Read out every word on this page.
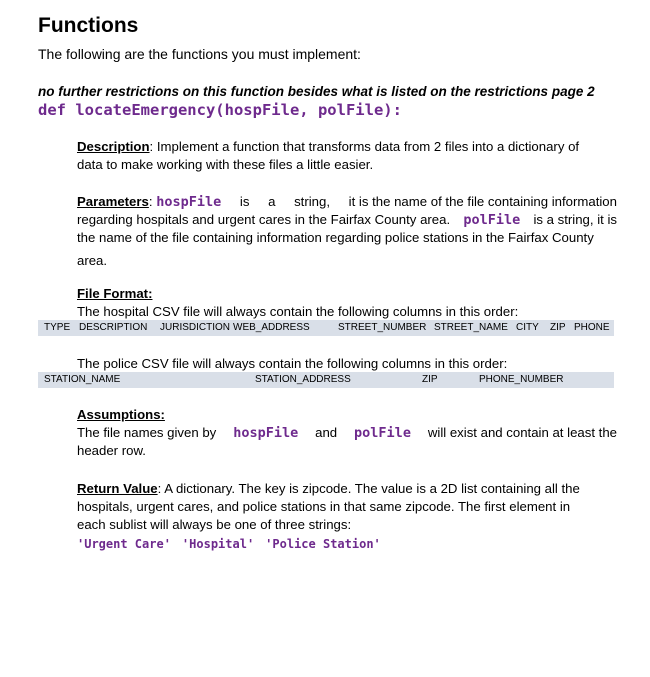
Functions
The following are the functions you must implement:
no further restrictions on this function besides what is listed on the restrictions page 2
def locateEmergency(hospFile, polFile):
Description: Implement a function that transforms data from 2 files into a dictionary of
data to make working with these files a little easier.
Parameters: hospFile is a string, it is the name of the file containing information
regarding hospitals and urgent cares in the Fairfax County area. polFile is a string, it is
the name of the file containing information regarding police stations in the Fairfax County
area.
File Format:
The hospital CSV file will always contain the following columns in this order:
TYPE DESCRIPTION JURISDICTION WEB_ADDRESS	STREET_NUMBER STREET_NAME CITY ZIP PHONE
The police CSV file will always contain the following columns in this order:
STATION_NAME	STATION_ADDRESS	ZIP	PHONE_NUMBER
Assumptions:
The file names given by hospFile and polFile will exist and contain at least the
header row.
Return Value: A dictionary. The key is zipcode. The value is a 2D list containing all the
hospitals, urgent cares, and police stations in that same zipcode. The first element in
each sublist will always be one of three strings:
'Urgent Care' 'Hospital' 'Police Station'
